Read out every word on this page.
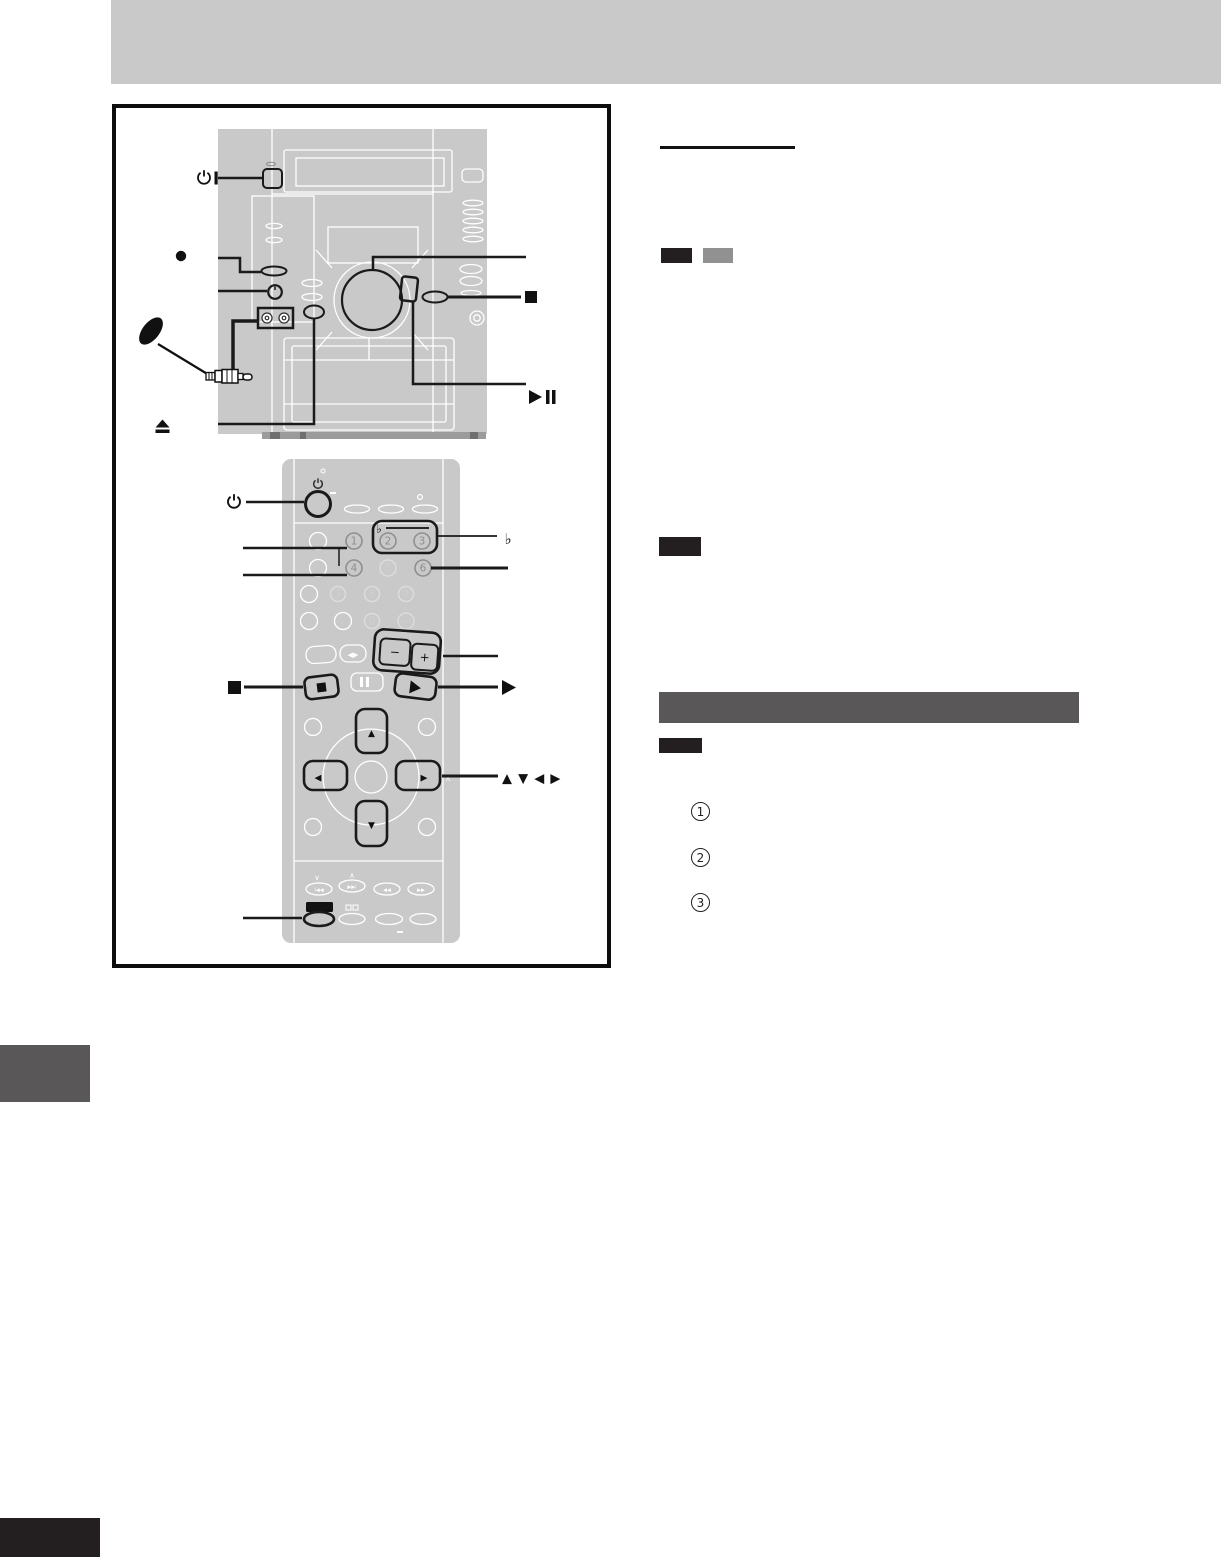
1
2
3
1	2	3
4	5	6
7	8	9
0	≥10
♭
◀▶	− +
▲
▼
◀	▶ ∧
I◀◀	▶▶I	◀◀	▶▶
∨	∧
♭
▲ ▼ ◀ ▶
